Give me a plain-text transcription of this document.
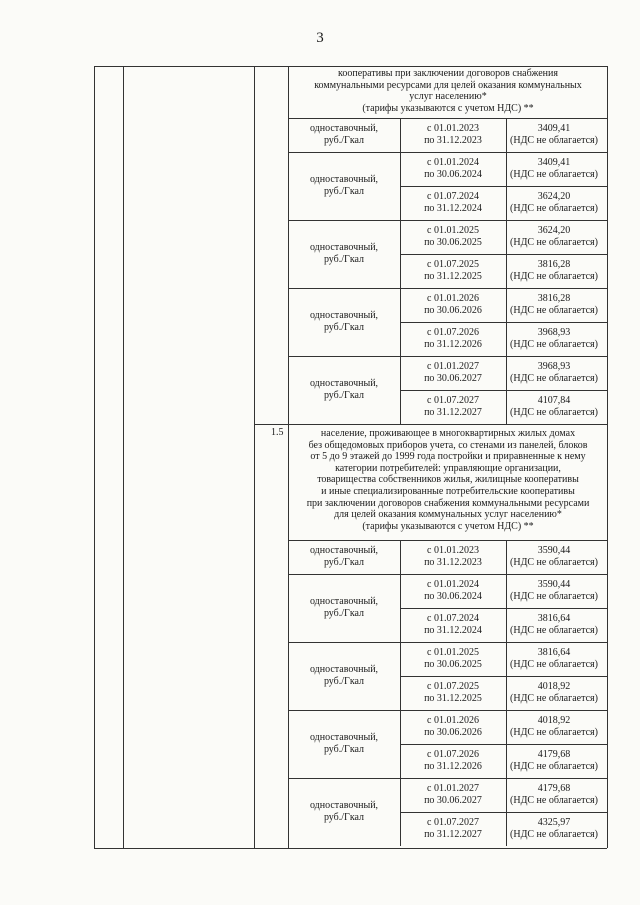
3
кооперативы при заключении договоров снабжения
коммунальными ресурсами для целей оказания коммунальных
услуг населению*
(тарифы указываются с учетом НДС) **
1.5	население, проживающее в многоквартирных жилых домах
без общедомовых приборов учета, со стенами из панелей, блоков
от 5 до 9 этажей до 1999 года постройки и приравненные к нему
категории потребителей: управляющие организации,
товарищества собственников жилья, жилищные кооперативы
и иные специализированные потребительские кооперативы
при заключении договоров снабжения коммунальными ресурсами
для целей оказания коммунальных услуг населению*
(тарифы указываются с учетом НДС) **
одноставочный,
руб./Гкал
с 01.01.2023
по 31.12.2023
3409,41
(НДС не облагается)
одноставочный,
руб./Гкал
с 01.01.2024
по 30.06.2024
3409,41
(НДС не облагается)
с 01.07.2024
по 31.12.2024
3624,20
(НДС не облагается)
одноставочный,
руб./Гкал
с 01.01.2025
по 30.06.2025
3624,20
(НДС не облагается)
с 01.07.2025
по 31.12.2025
3816,28
(НДС не облагается)
одноставочный,
руб./Гкал
с 01.01.2026
по 30.06.2026
3816,28
(НДС не облагается)
с 01.07.2026
по 31.12.2026
3968,93
(НДС не облагается)
одноставочный,
руб./Гкал
с 01.01.2027
по 30.06.2027
3968,93
(НДС не облагается)
с 01.07.2027
по 31.12.2027
4107,84
(НДС не облагается)
одноставочный,
руб./Гкал
с 01.01.2023
по 31.12.2023
3590,44
(НДС не облагается)
одноставочный,
руб./Гкал
с 01.01.2024
по 30.06.2024
3590,44
(НДС не облагается)
с 01.07.2024
по 31.12.2024
3816,64
(НДС не облагается)
одноставочный,
руб./Гкал
с 01.01.2025
по 30.06.2025
3816,64
(НДС не облагается)
с 01.07.2025
по 31.12.2025
4018,92
(НДС не облагается)
одноставочный,
руб./Гкал
с 01.01.2026
по 30.06.2026
4018,92
(НДС не облагается)
с 01.07.2026
по 31.12.2026
4179,68
(НДС не облагается)
одноставочный,
руб./Гкал
с 01.01.2027
по 30.06.2027
4179,68
(НДС не облагается)
с 01.07.2027
по 31.12.2027
4325,97
(НДС не облагается)
